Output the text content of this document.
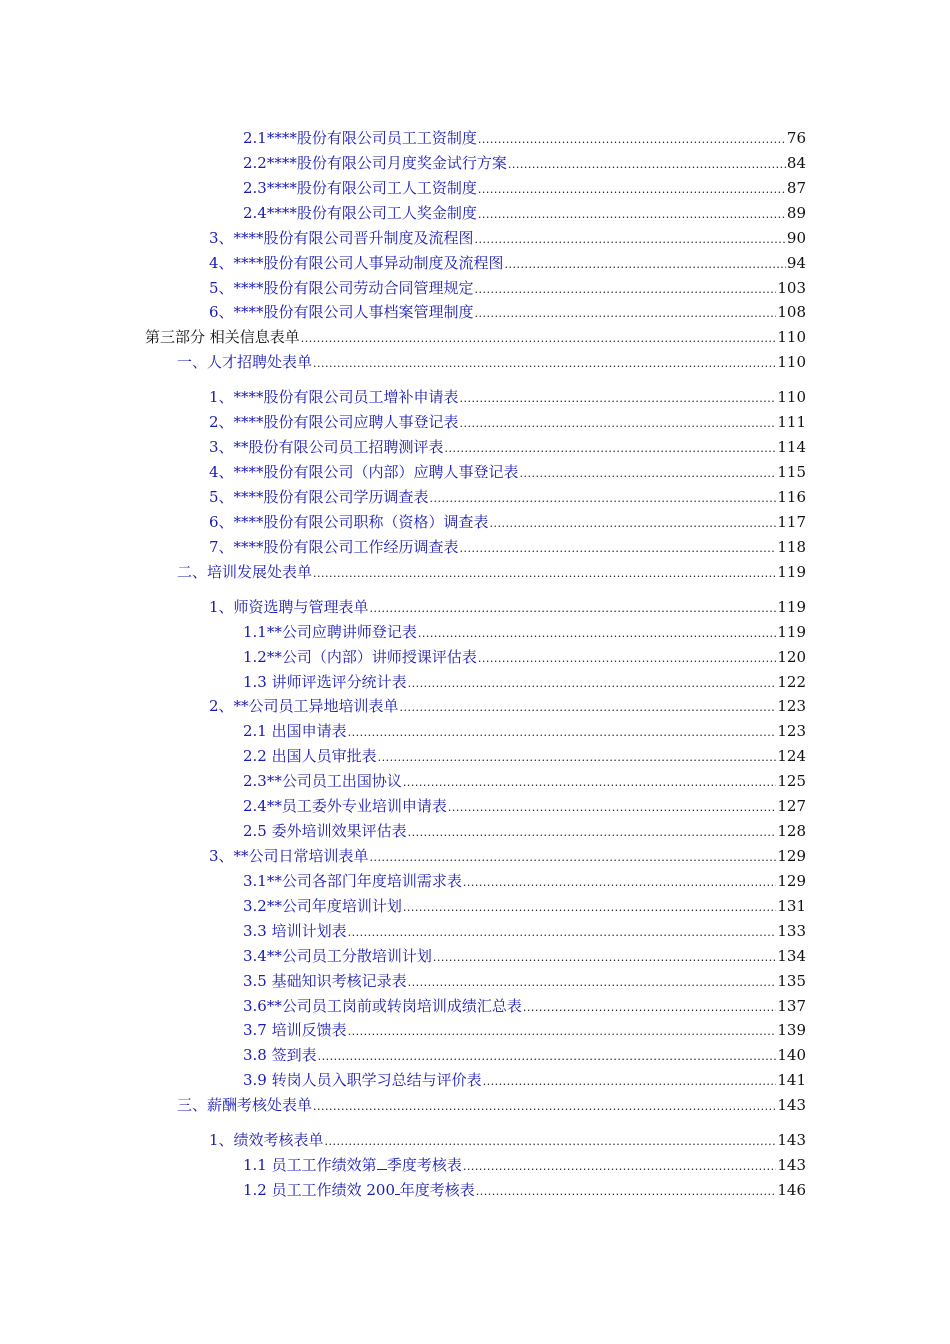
2.1****股份有限公司员工工资制度 .....	76
2.2****股份有限公司月度奖金试行方案 .....	84
2.3****股份有限公司工人工资制度 .....	87
2.4****股份有限公司工人奖金制度 .....	89
3、****股份有限公司晋升制度及流程图 .....	90
4、****股份有限公司人事异动制度及流程图 .....	94
5、****股份有限公司劳动合同管理规定 .....	103
6、****股份有限公司人事档案管理制度 .....	108
第三部分 相关信息表单 .....	110
一、人才招聘处表单 .....	110
1、****股份有限公司员工增补申请表 .....	110
2、****股份有限公司应聘人事登记表 .....	111
3、**股份有限公司员工招聘测评表 .....	114
4、****股份有限公司（内部）应聘人事登记表 .....	115
5、****股份有限公司学历调查表 .....	116
6、****股份有限公司职称（资格）调查表 .....	117
7、****股份有限公司工作经历调查表 .....	118
二、培训发展处表单 .....	119
1、师资选聘与管理表单 .....	119
1.1**公司应聘讲师登记表 .....	119
1.2**公司（内部）讲师授课评估表 .....	120
1.3 讲师评选评分统计表 .....	122
2、**公司员工异地培训表单 .....	123
2.1 出国申请表 .....	123
2.2 出国人员审批表 .....	124
2.3**公司员工出国协议 .....	125
2.4**员工委外专业培训申请表 .....	127
2.5 委外培训效果评估表 .....	128
3、**公司日常培训表单 .....	129
3.1**公司各部门年度培训需求表 .....	129
3.2**公司年度培训计划 .....	131
3.3 培训计划表 .....	133
3.4**公司员工分散培训计划 .....	134
3.5 基础知识考核记录表 .....	135
3.6**公司员工岗前或转岗培训成绩汇总表 .....	137
3.7 培训反馈表 .....	139
3.8 签到表 .....	140
3.9 转岗人员入职学习总结与评价表 .....	141
三、薪酬考核处表单 .....	143
1、绩效考核表单 .....	143
1.1 员工工作绩效第 季度考核表 .....	143
1.2 员工工作绩效 200 年度考核表 .....	146
